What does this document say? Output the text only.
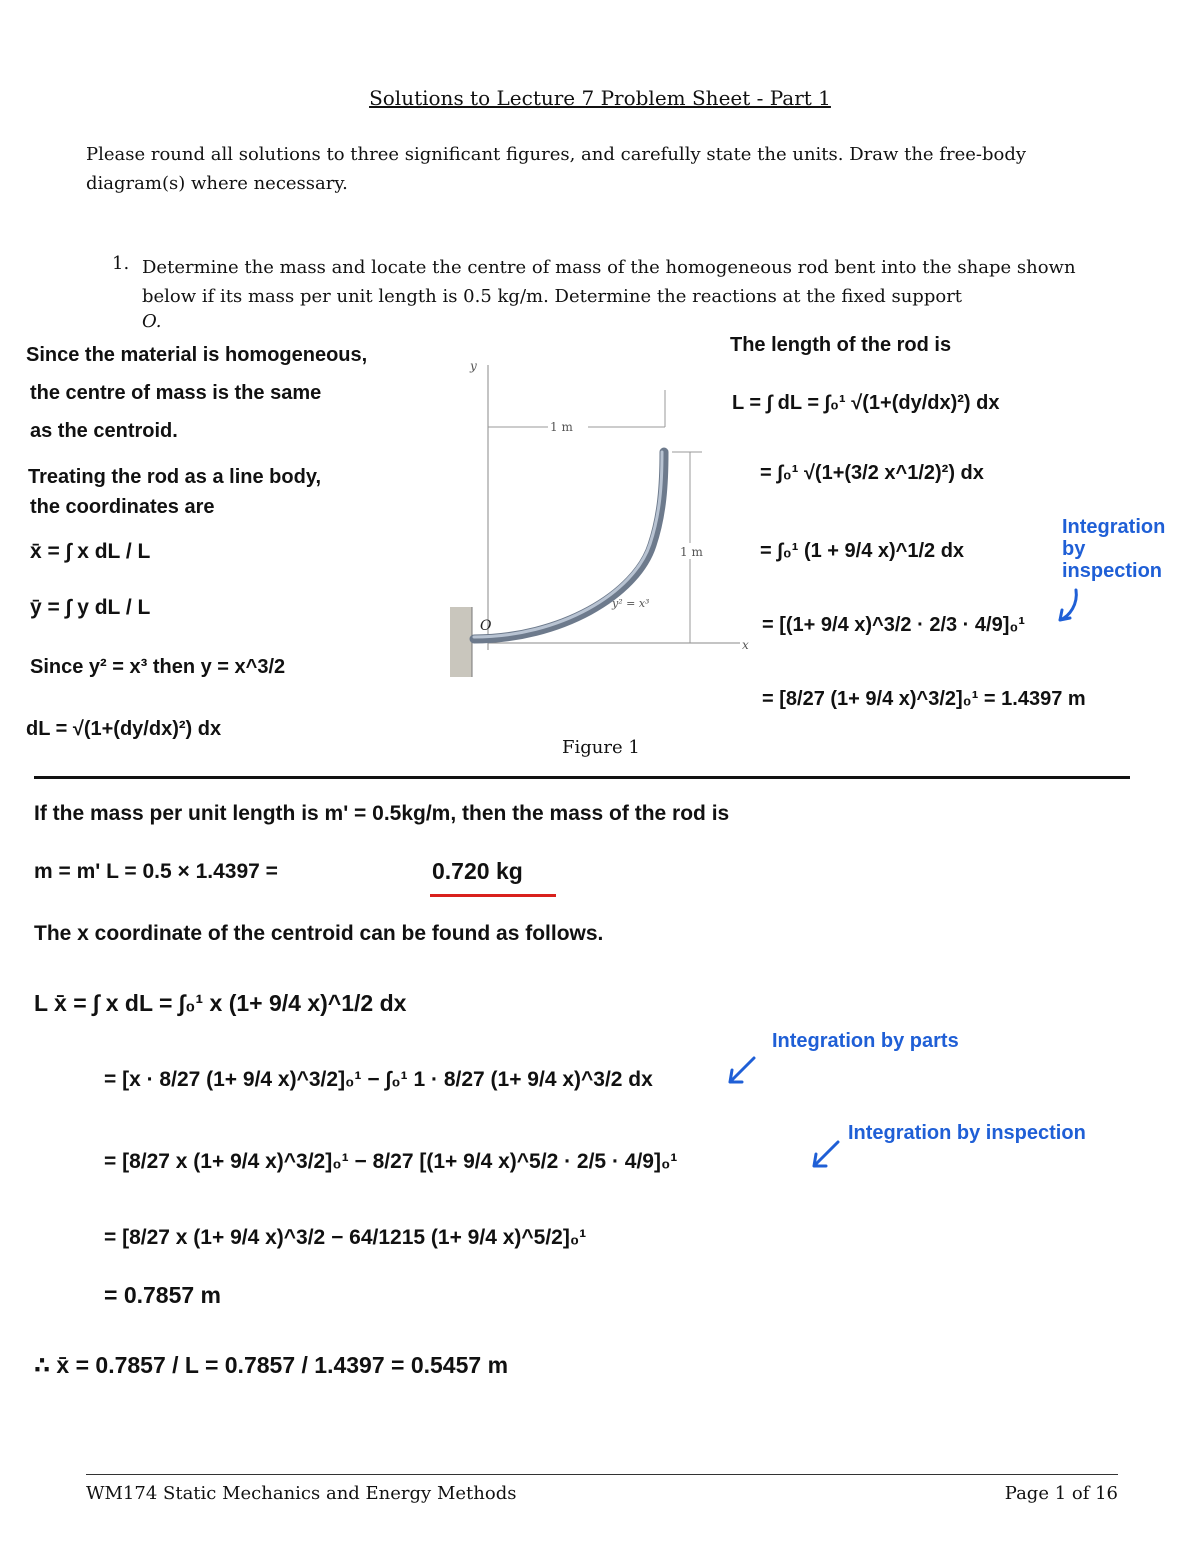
Solutions to Lecture 7 Problem Sheet - Part 1
Please round all solutions to three significant figures, and carefully state the units. Draw the free-body diagram(s) where necessary.
1. Determine the mass and locate the centre of mass of the homogeneous rod bent into the shape shown below if its mass per unit length is 0.5 kg/m. Determine the reactions at the fixed support
O.
y
x
1 m
1 m
O
y² = x³
Figure 1
Since the material is homogeneous,
the centre of mass is the same
as the centroid.
Treating the rod as a line body,
the coordinates are
x̄ = ∫ x dL / L
ȳ = ∫ y dL / L
Since y² = x³ then y = x^3/2
dL = √(1+(dy/dx)²) dx
The length of the rod is
L = ∫ dL = ∫₀¹ √(1+(dy/dx)²) dx
= ∫₀¹ √(1+(3/2 x^1/2)²) dx
= ∫₀¹ (1 + 9/4 x)^1/2 dx
= [(1+ 9/4 x)^3/2 · 2/3 · 4/9]₀¹
= [8/27 (1+ 9/4 x)^3/2]₀¹ = 1.4397 m
Integration by inspection
If the mass per unit length is m' = 0.5kg/m, then the mass of the rod is
m = m' L = 0.5 × 1.4397 =	0.720 kg
The x coordinate of the centroid can be found as follows.
L x̄ = ∫ x dL = ∫₀¹ x (1+ 9/4 x)^1/2 dx
= [x · 8/27 (1+ 9/4 x)^3/2]₀¹ − ∫₀¹ 1 · 8/27 (1+ 9/4 x)^3/2 dx
= [8/27 x (1+ 9/4 x)^3/2]₀¹ − 8/27 [(1+ 9/4 x)^5/2 · 2/5 · 4/9]₀¹
= [8/27 x (1+ 9/4 x)^3/2 − 64/1215 (1+ 9/4 x)^5/2]₀¹
= 0.7857 m
∴ x̄ = 0.7857 / L = 0.7857 / 1.4397 = 0.5457 m
Integration by parts
Integration by inspection
WM174 Static Mechanics and Energy Methods	Page 1 of 16
